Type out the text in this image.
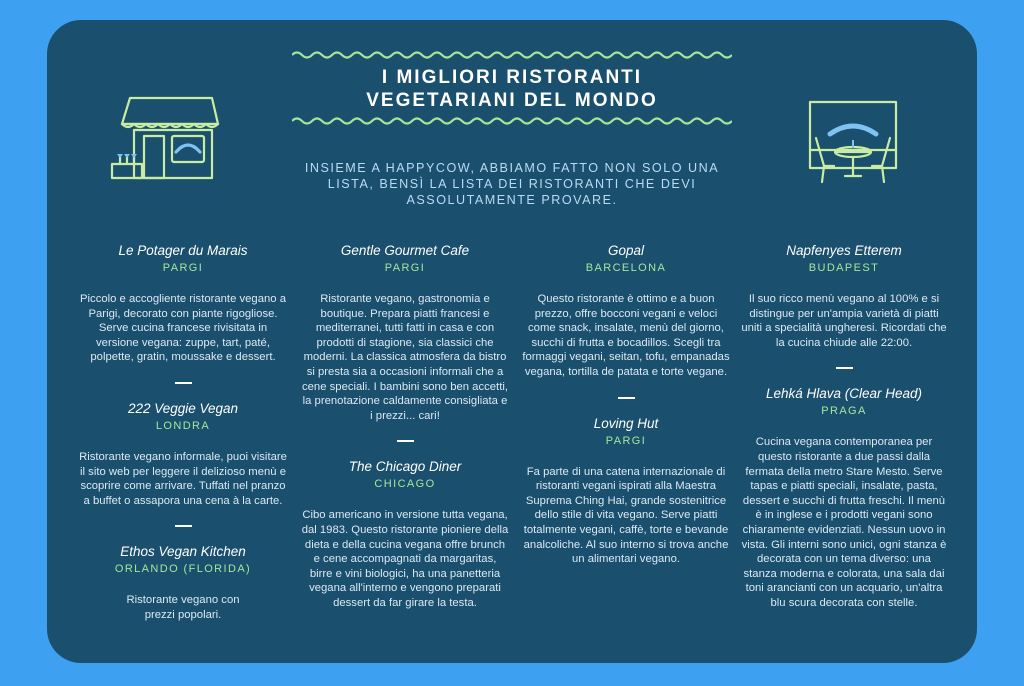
I MIGLIORI RISTORANTI
VEGETARIANI DEL MONDO
INSIEME A HAPPYCOW, ABBIAMO FATTO NON SOLO UNA LISTA, BENSÌ LA LISTA DEI RISTORANTI CHE DEVI ASSOLUTAMENTE PROVARE.
Le Potager du Marais
PARGI
Piccolo e accogliente ristorante vegano a Parigi, decorato con piante rigogliose. Serve cucina francese rivisitata in versione vegana: zuppe, tart, paté, polpette, gratin, moussake e dessert.
222 Veggie Vegan
LONDRA
Ristorante vegano informale, puoi visitare il sito web per leggere il delizioso menù e scoprire come arrivare. Tuffati nel pranzo a buffet o assapora una cena à la carte.
Ethos Vegan Kitchen
ORLANDO (FLORIDA)
Ristorante vegano con prezzi popolari.
Gentle Gourmet Cafe
PARGI
Ristorante vegano, gastronomia e boutique. Prepara piatti francesi e mediterranei, tutti fatti in casa e con prodotti di stagione, sia classici che moderni. La classica atmosfera da bistro si presta sia a occasioni informali che a cene speciali. I bambini sono ben accetti, la prenotazione caldamente consigliata e i prezzi... cari!
The Chicago Diner
CHICAGO
Cibo americano in versione tutta vegana, dal 1983. Questo ristorante pioniere della dieta e della cucina vegana offre brunch e cene accompagnati da margaritas, birre e vini biologici, ha una panetteria vegana all'interno e vengono preparati dessert da far girare la testa.
Gopal
BARCELONA
Questo ristorante è ottimo e a buon prezzo, offre bocconi vegani e veloci come snack, insalate, menù del giorno, succhi di frutta e bocadillos. Scegli tra formaggi vegani, seitan, tofu, empanadas vegana, tortilla de patata e torte vegane.
Loving Hut
PARGI
Fa parte di una catena internazionale di ristoranti vegani ispirati alla Maestra Suprema Ching Hai, grande sostenitrice dello stile di vita vegano. Serve piatti totalmente vegani, caffè, torte e bevande analcoliche. Al suo interno si trova anche un alimentari vegano.
Napfenyes Etterem
BUDAPEST
Il suo ricco menù vegano al 100% e si distingue per un'ampia varietà di piatti uniti a specialità ungheresi. Ricordati che la cucina chiude alle 22:00.
Lehká Hlava (Clear Head)
PRAGA
Cucina vegana contemporanea per questo ristorante a due passi dalla fermata della metro Stare Mesto. Serve tapas e piatti speciali, insalate, pasta, dessert e succhi di frutta freschi. Il menù è in inglese e i prodotti vegani sono chiaramente evidenziati. Nessun uovo in vista. Gli interni sono unici, ogni stanza è decorata con un tema diverso: una stanza moderna e colorata, una sala dai toni arancianti con un acquario, un'altra blu scura decorata con stelle.
